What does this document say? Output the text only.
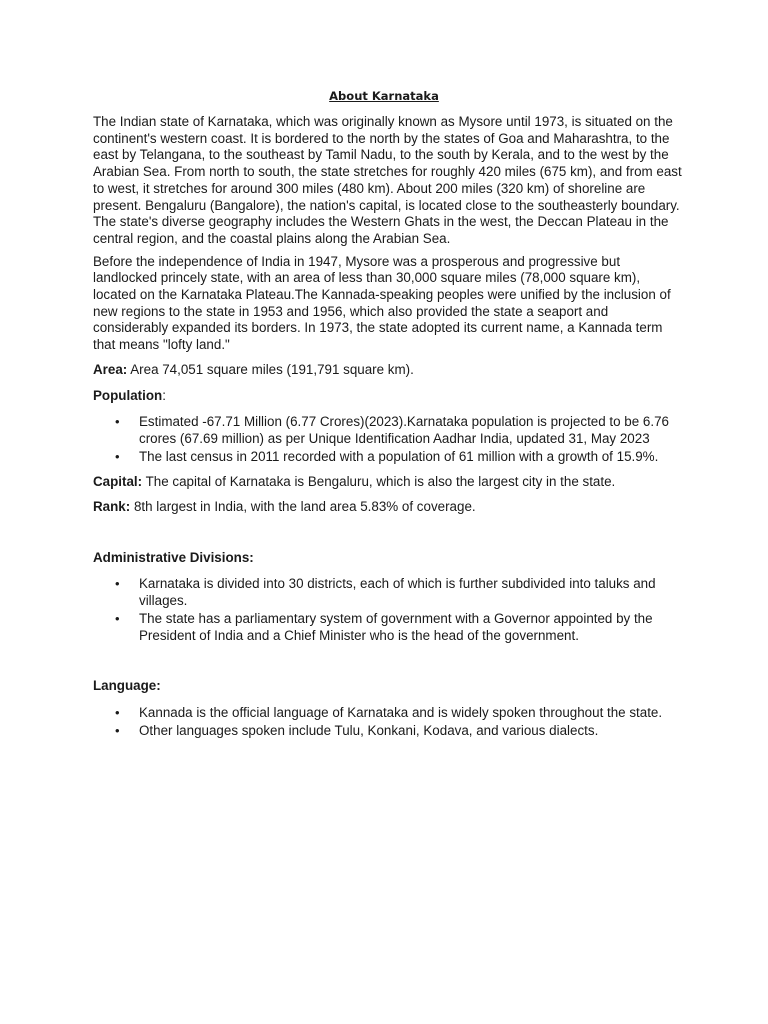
About Karnataka

The Indian state of Karnataka, which was originally known as Mysore until 1973, is situated on the continent's western coast. It is bordered to the north by the states of Goa and Maharashtra, to the east by Telangana, to the southeast by Tamil Nadu, to the south by Kerala, and to the west by the Arabian Sea. From north to south, the state stretches for roughly 420 miles (675 km), and from east to west, it stretches for around 300 miles (480 km). About 200 miles (320 km) of shoreline are present. Bengaluru (Bangalore), the nation's capital, is located close to the southeasterly boundary. The state's diverse geography includes the Western Ghats in the west, the Deccan Plateau in the central region, and the coastal plains along the Arabian Sea.

Before the independence of India in 1947, Mysore was a prosperous and progressive but landlocked princely state, with an area of less than 30,000 square miles (78,000 square km), located on the Karnataka Plateau.The Kannada-speaking peoples were unified by the inclusion of new regions to the state in 1953 and 1956, which also provided the state a seaport and considerably expanded its borders. In 1973, the state adopted its current name, a Kannada term that means "lofty land."

Area: Area 74,051 square miles (191,791 square km).

Population:

• Estimated -67.71 Million (6.77 Crores)(2023).Karnataka population is projected to be 6.76 crores (67.69 million) as per Unique Identification Aadhar India, updated 31, May 2023
• The last census in 2011 recorded with a population of 61 million with a growth of 15.9%.

Capital: The capital of Karnataka is Bengaluru, which is also the largest city in the state.

Rank: 8th largest in India, with the land area 5.83% of coverage.

Administrative Divisions:

• Karnataka is divided into 30 districts, each of which is further subdivided into taluks and villages.
• The state has a parliamentary system of government with a Governor appointed by the President of India and a Chief Minister who is the head of the government.

Language:

• Kannada is the official language of Karnataka and is widely spoken throughout the state.
• Other languages spoken include Tulu, Konkani, Kodava, and various dialects.
